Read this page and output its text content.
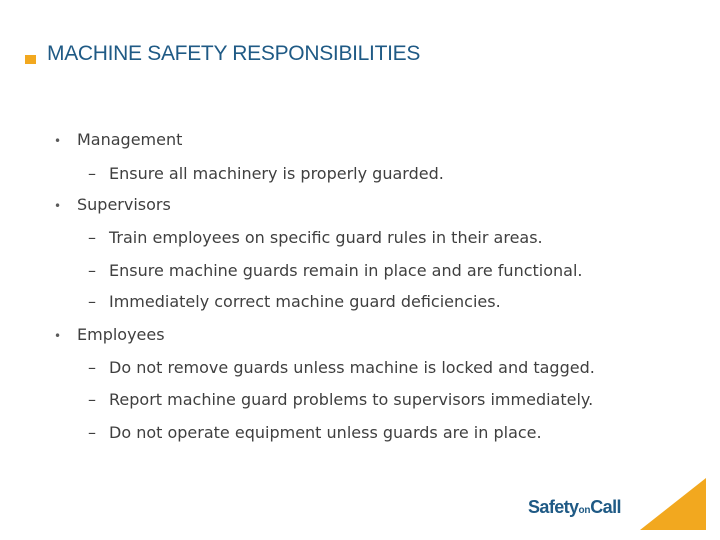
MACHINE SAFETY RESPONSIBILITIES
• Management
– Ensure all machinery is properly guarded.
• Supervisors
– Train employees on specific guard rules in their areas.
– Ensure machine guards remain in place and are functional.
– Immediately correct machine guard deficiencies.
• Employees
– Do not remove guards unless machine is locked and tagged.
– Report machine guard problems to supervisors immediately.
– Do not operate equipment unless guards are in place.
SafetyonCall
